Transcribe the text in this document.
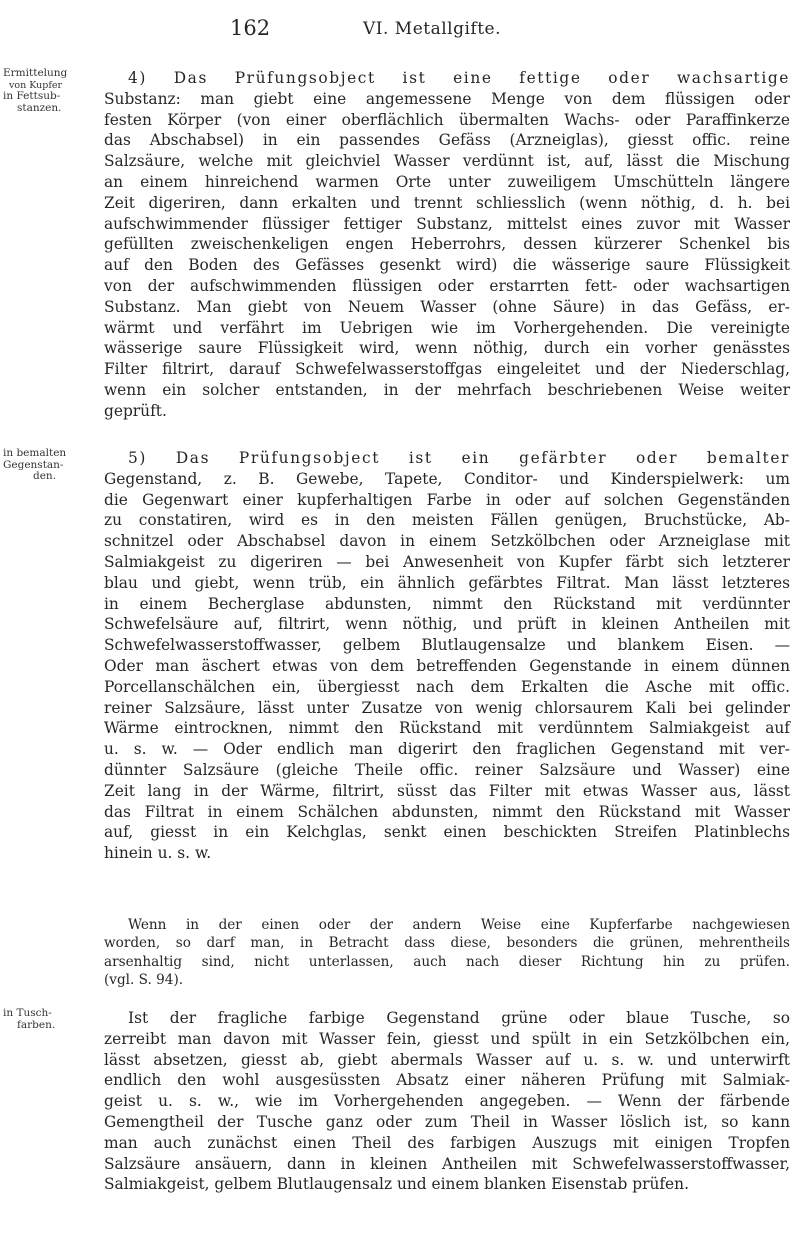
162	VI. Metallgifte.
Ermittelung
von Kupfer
in Fettsub-
stanzen.
in bemalten
Gegenstan-
den.
in Tusch-
farben.
4) Das Prüfungsobject ist eine fettige oder wachsartige
Substanz: man giebt eine angemessene Menge von dem flüssigen oder
festen Körper (von einer oberflächlich übermalten Wachs- oder Paraffinkerze
das Abschabsel) in ein passendes Gefäss (Arzneiglas), giesst offic. reine
Salzsäure, welche mit gleichviel Wasser verdünnt ist, auf, lässt die Mischung
an einem hinreichend warmen Orte unter zuweiligem Umschütteln längere
Zeit digeriren, dann erkalten und trennt schliesslich (wenn nöthig, d. h. bei
aufschwimmender flüssiger fettiger Substanz, mittelst eines zuvor mit Wasser
gefüllten zweischenkeligen engen Heberrohrs, dessen kürzerer Schenkel bis
auf den Boden des Gefässes gesenkt wird) die wässerige saure Flüssigkeit
von der aufschwimmenden flüssigen oder erstarrten fett- oder wachsartigen
Substanz. Man giebt von Neuem Wasser (ohne Säure) in das Gefäss, er-
wärmt und verfährt im Uebrigen wie im Vorhergehenden. Die vereinigte
wässerige saure Flüssigkeit wird, wenn nöthig, durch ein vorher genässtes
Filter filtrirt, darauf Schwefelwasserstoffgas eingeleitet und der Niederschlag,
wenn ein solcher entstanden, in der mehrfach beschriebenen Weise weiter
geprüft.
5) Das Prüfungsobject ist ein gefärbter oder bemalter
Gegenstand, z. B. Gewebe, Tapete, Conditor- und Kinderspielwerk: um
die Gegenwart einer kupferhaltigen Farbe in oder auf solchen Gegenständen
zu constatiren, wird es in den meisten Fällen genügen, Bruchstücke, Ab-
schnitzel oder Abschabsel davon in einem Setzkölbchen oder Arzneiglase mit
Salmiakgeist zu digeriren — bei Anwesenheit von Kupfer färbt sich letzterer
blau und giebt, wenn trüb, ein ähnlich gefärbtes Filtrat. Man lässt letzteres
in einem Becherglase abdunsten, nimmt den Rückstand mit verdünnter
Schwefelsäure auf, filtrirt, wenn nöthig, und prüft in kleinen Antheilen mit
Schwefelwasserstoffwasser, gelbem Blutlaugensalze und blankem Eisen. —
Oder man äschert etwas von dem betreffenden Gegenstande in einem dünnen
Porcellanschälchen ein, übergiesst nach dem Erkalten die Asche mit offic.
reiner Salzsäure, lässt unter Zusatze von wenig chlorsaurem Kali bei gelinder
Wärme eintrocknen, nimmt den Rückstand mit verdünntem Salmiakgeist auf
u. s. w. — Oder endlich man digerirt den fraglichen Gegenstand mit ver-
dünnter Salzsäure (gleiche Theile offic. reiner Salzsäure und Wasser) eine
Zeit lang in der Wärme, filtrirt, süsst das Filter mit etwas Wasser aus, lässt
das Filtrat in einem Schälchen abdunsten, nimmt den Rückstand mit Wasser
auf, giesst in ein Kelchglas, senkt einen beschickten Streifen Platinblechs
hinein u. s. w.
Wenn in der einen oder der andern Weise eine Kupferfarbe nachgewiesen
worden, so darf man, in Betracht dass diese, besonders die grünen, mehrentheils
arsenhaltig sind, nicht unterlassen, auch nach dieser Richtung hin zu prüfen.
(vgl. S. 94).
Ist der fragliche farbige Gegenstand grüne oder blaue Tusche, so
zerreibt man davon mit Wasser fein, giesst und spült in ein Setzkölbchen ein,
lässt absetzen, giesst ab, giebt abermals Wasser auf u. s. w. und unterwirft
endlich den wohl ausgesüssten Absatz einer näheren Prüfung mit Salmiak-
geist u. s. w., wie im Vorhergehenden angegeben. — Wenn der färbende
Gemengtheil der Tusche ganz oder zum Theil in Wasser löslich ist, so kann
man auch zunächst einen Theil des farbigen Auszugs mit einigen Tropfen
Salzsäure ansäuern, dann in kleinen Antheilen mit Schwefelwasserstoffwasser,
Salmiakgeist, gelbem Blutlaugensalz und einem blanken Eisenstab prüfen.
